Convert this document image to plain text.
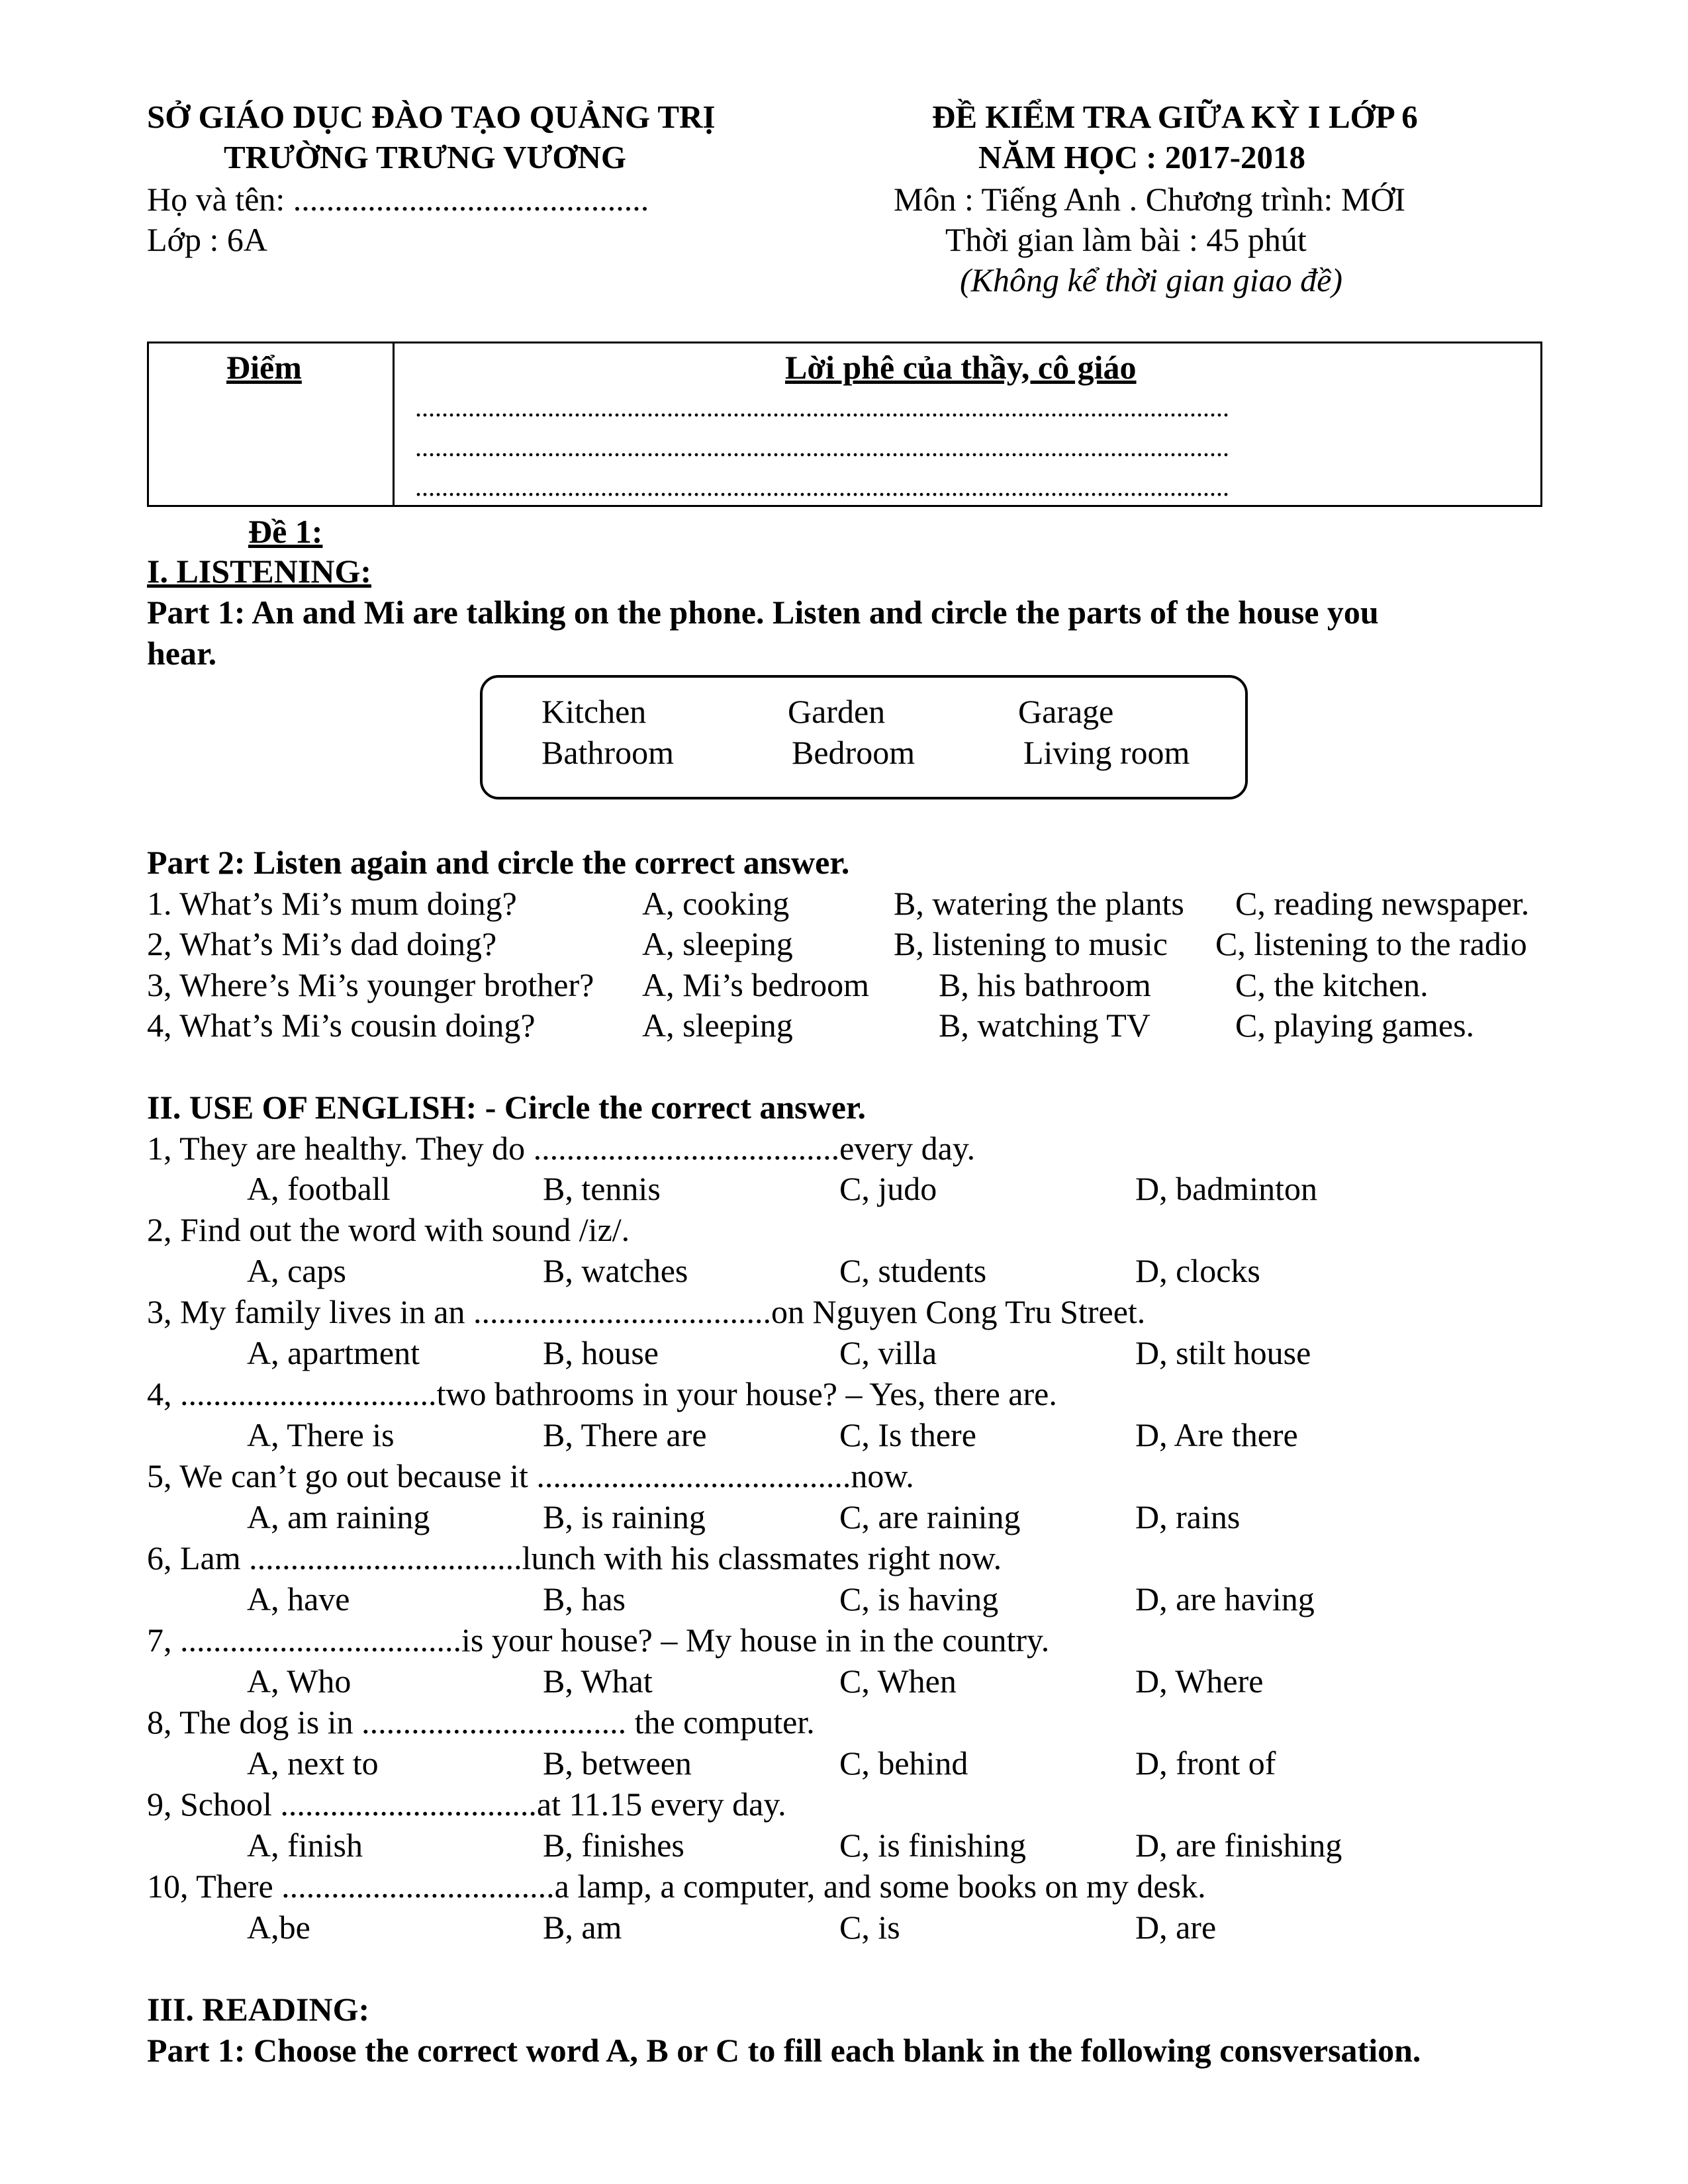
SỞ GIÁO DỤC ĐÀO TẠO QUẢNG TRỊ
TRƯỜNG TRƯNG VƯƠNG
Họ và tên: ...........................................
Lớp : 6A
ĐỀ KIỂM TRA GIỮA KỲ I LỚP 6
NĂM HỌC : 2017-2018
Môn : Tiếng Anh . Chương trình: MỚI
Thời gian làm bài : 45 phút
(Không kể thời gian giao đề)
Điểm	Lời phê của thầy, cô giáo
...........................................................................................................................
...........................................................................................................................
...........................................................................................................................
Đề 1:
I. LISTENING:
Part 1: An and Mi are talking on the phone. Listen and circle the parts of the house you
hear.
Kitchen	Garden	Garage
Bathroom	Bedroom	Living room
Part 2: Listen again and circle the correct answer.
1. What’s Mi’s mum doing?	A, cooking	B, watering the plants C, reading newspaper.
2, What’s Mi’s dad doing?	A, sleeping	B, listening to music C, listening to the radio
3, Where’s Mi’s younger brother? A, Mi’s bedroom B, his bathroom	C, the kitchen.
4, What’s Mi’s cousin doing?	A, sleeping	B, watching TV	C, playing games.
II. USE OF ENGLISH: - Circle the correct answer.
1, They are healthy. They do .....................................every day.
A, football	B, tennis	C, judo	D, badminton
2, Find out the word with sound /iz/.
A, caps	B, watches	C, students	D, clocks
3, My family lives in an ....................................on Nguyen Cong Tru Street.
A, apartment	B, house	C, villa	D, stilt house
4, ...............................two bathrooms in your house? – Yes, there are.
A, There is	B, There are	C, Is there	D, Are there
5, We can’t go out because it ......................................now.
A, am raining	B, is raining	C, are raining	D, rains
6, Lam .................................lunch with his classmates right now.
A, have	B, has	C, is having	D, are having
7, ..................................is your house? – My house in in the country.
A, Who	B, What	C, When	D, Where
8, The dog is in ................................ the computer.
A, next to	B, between	C, behind	D, front of
9, School ...............................at 11.15 every day.
A, finish	B, finishes	C, is finishing	D, are finishing
10, There .................................a lamp, a computer, and some books on my desk.
A,be	B, am	C, is	D, are
III. READING:
Part 1: Choose the correct word A, B or C to fill each blank in the following consversation.
